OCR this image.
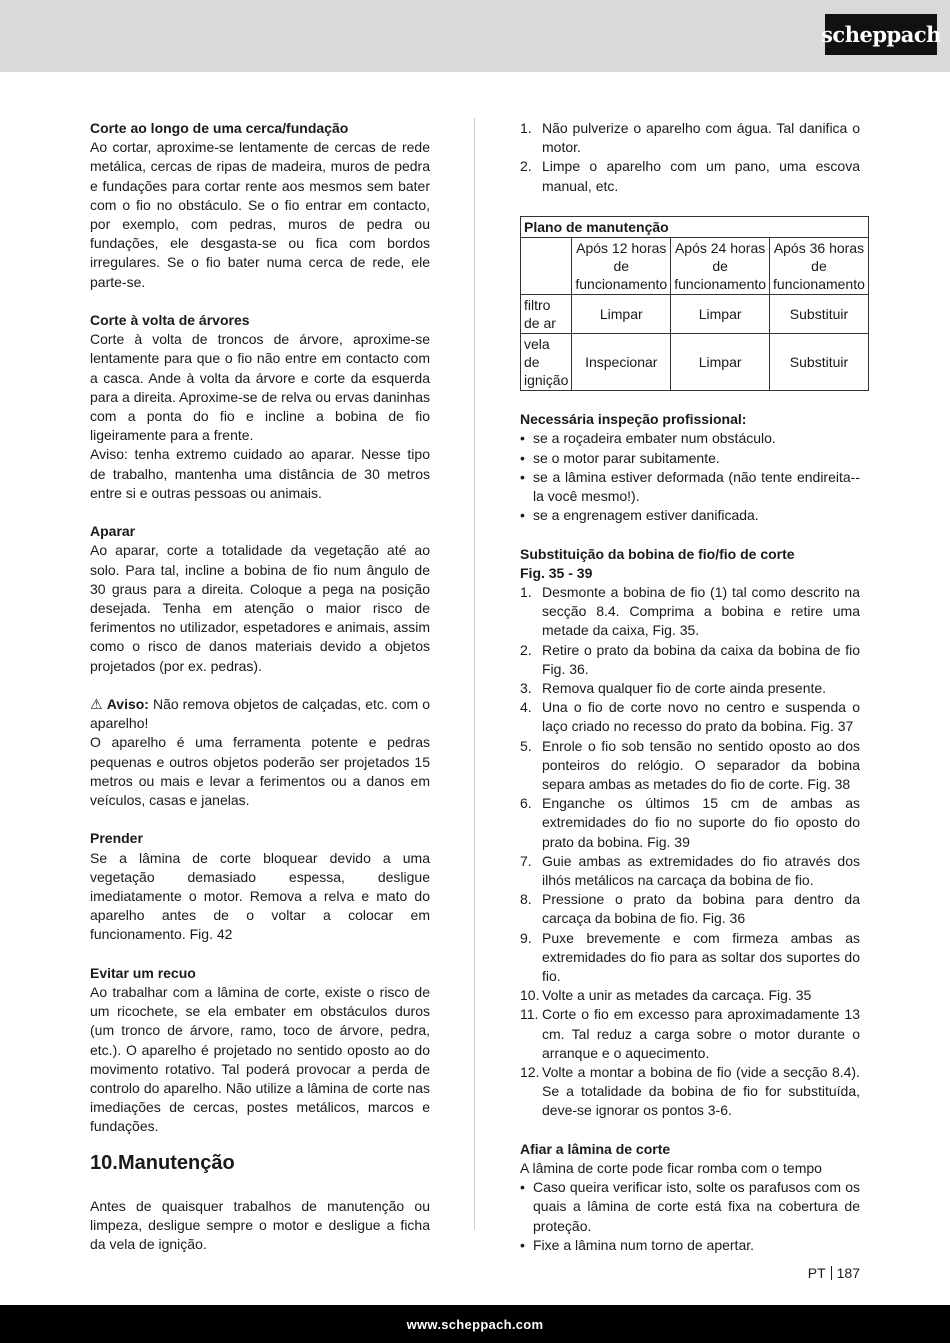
scheppach

Corte ao longo de uma cerca/fundação

Ao cortar, aproxime-se lentamente de cercas de rede metálica, cercas de ripas de madeira, muros de pedra e fundações para cortar rente aos mesmos sem bater com o fio no obstáculo. Se o fio entrar em contacto, por exemplo, com pedras, muros de pedra ou fundações, ele desgasta-se ou fica com bordos irregulares. Se o fio bater numa cerca de rede, ele parte-se.

Corte à volta de árvores

Corte à volta de troncos de árvore, aproxime-se lentamente para que o fio não entre em contacto com a casca. Ande à volta da árvore e corte da esquerda para a direita. Aproxime-se de relva ou ervas daninhas com a ponta do fio e incline a bobina de fio ligeiramente para a frente.

Aviso: tenha extremo cuidado ao aparar. Nesse tipo de trabalho, mantenha uma distância de 30 metros entre si e outras pessoas ou animais.

Aparar

Ao aparar, corte a totalidade da vegetação até ao solo. Para tal, incline a bobina de fio num ângulo de 30 graus para a direita. Coloque a pega na posição desejada. Tenha em atenção o maior risco de ferimentos no utilizador, espetadores e animais, assim como o risco de danos materiais devido a objetos projetados (por ex. pedras).

⚠ Aviso: Não remova objetos de calçadas, etc. com o aparelho!

O aparelho é uma ferramenta potente e pedras pequenas e outros objetos poderão ser projetados 15 metros ou mais e levar a ferimentos ou a danos em veículos, casas e janelas.

Prender

Se a lâmina de corte bloquear devido a uma vegetação demasiado espessa, desligue imediatamente o motor. Remova a relva e mato do aparelho antes de o voltar a colocar em funcionamento. Fig. 42

Evitar um recuo

Ao trabalhar com a lâmina de corte, existe o risco de um ricochete, se ela embater em obstáculos duros (um tronco de árvore, ramo, toco de árvore, pedra, etc.). O aparelho é projetado no sentido oposto ao do movimento rotativo. Tal poderá provocar a perda de controlo do aparelho. Não utilize a lâmina de corte nas imediações de cercas, postes metálicos, marcos e fundações.

10.Manutenção

Antes de quaisquer trabalhos de manutenção ou limpeza, desligue sempre o motor e desligue a ficha da vela de ignição.

1. Não pulverize o aparelho com água. Tal danifica o motor.
2. Limpe o aparelho com um pano, uma escova manual, etc.
Plano de manutenção			
	Após 12 horas de funcionamento	Após 24 horas de funcionamento	Após 36 horas de funcionamento
filtro de ar	Limpar	Limpar	Substituir
vela de ignição	Inspecionar	Limpar	Substituir

Necessária inspeção profissional:

• se a roçadeira embater num obstáculo.
• se o motor parar subitamente.
• se a lâmina estiver deformada (não tente endireita--la você mesmo!).
• se a engrenagem estiver danificada.

Substituição da bobina de fio/fio de corte

Fig. 35 - 39

1. Desmonte a bobina de fio (1) tal como descrito na secção 8.4. Comprima a bobina e retire uma metade da caixa, Fig. 35.
2. Retire o prato da bobina da caixa da bobina de fio Fig. 36.
3. Remova qualquer fio de corte ainda presente.
4. Una o fio de corte novo no centro e suspenda o laço criado no recesso do prato da bobina. Fig. 37
5. Enrole o fio sob tensão no sentido oposto ao dos ponteiros do relógio. O separador da bobina separa ambas as metades do fio de corte. Fig. 38
6. Enganche os últimos 15 cm de ambas as extremidades do fio no suporte do fio oposto do prato da bobina. Fig. 39
7. Guie ambas as extremidades do fio através dos ilhós metálicos na carcaça da bobina de fio.
8. Pressione o prato da bobina para dentro da carcaça da bobina de fio. Fig. 36
9. Puxe brevemente e com firmeza ambas as extremidades do fio para as soltar dos suportes do fio.
10. Volte a unir as metades da carcaça. Fig. 35
11. Corte o fio em excesso para aproximadamente 13 cm. Tal reduz a carga sobre o motor durante o arranque e o aquecimento.
12. Volte a montar a bobina de fio (vide a secção 8.4). Se a totalidade da bobina de fio for substituída, deve-se ignorar os pontos 3-6.

Afiar a lâmina de corte

A lâmina de corte pode ficar romba com o tempo

• Caso queira verificar isto, solte os parafusos com os quais a lâmina de corte está fixa na cobertura de proteção.
• Fixe a lâmina num torno de apertar.
PT 187
www.scheppach.com
